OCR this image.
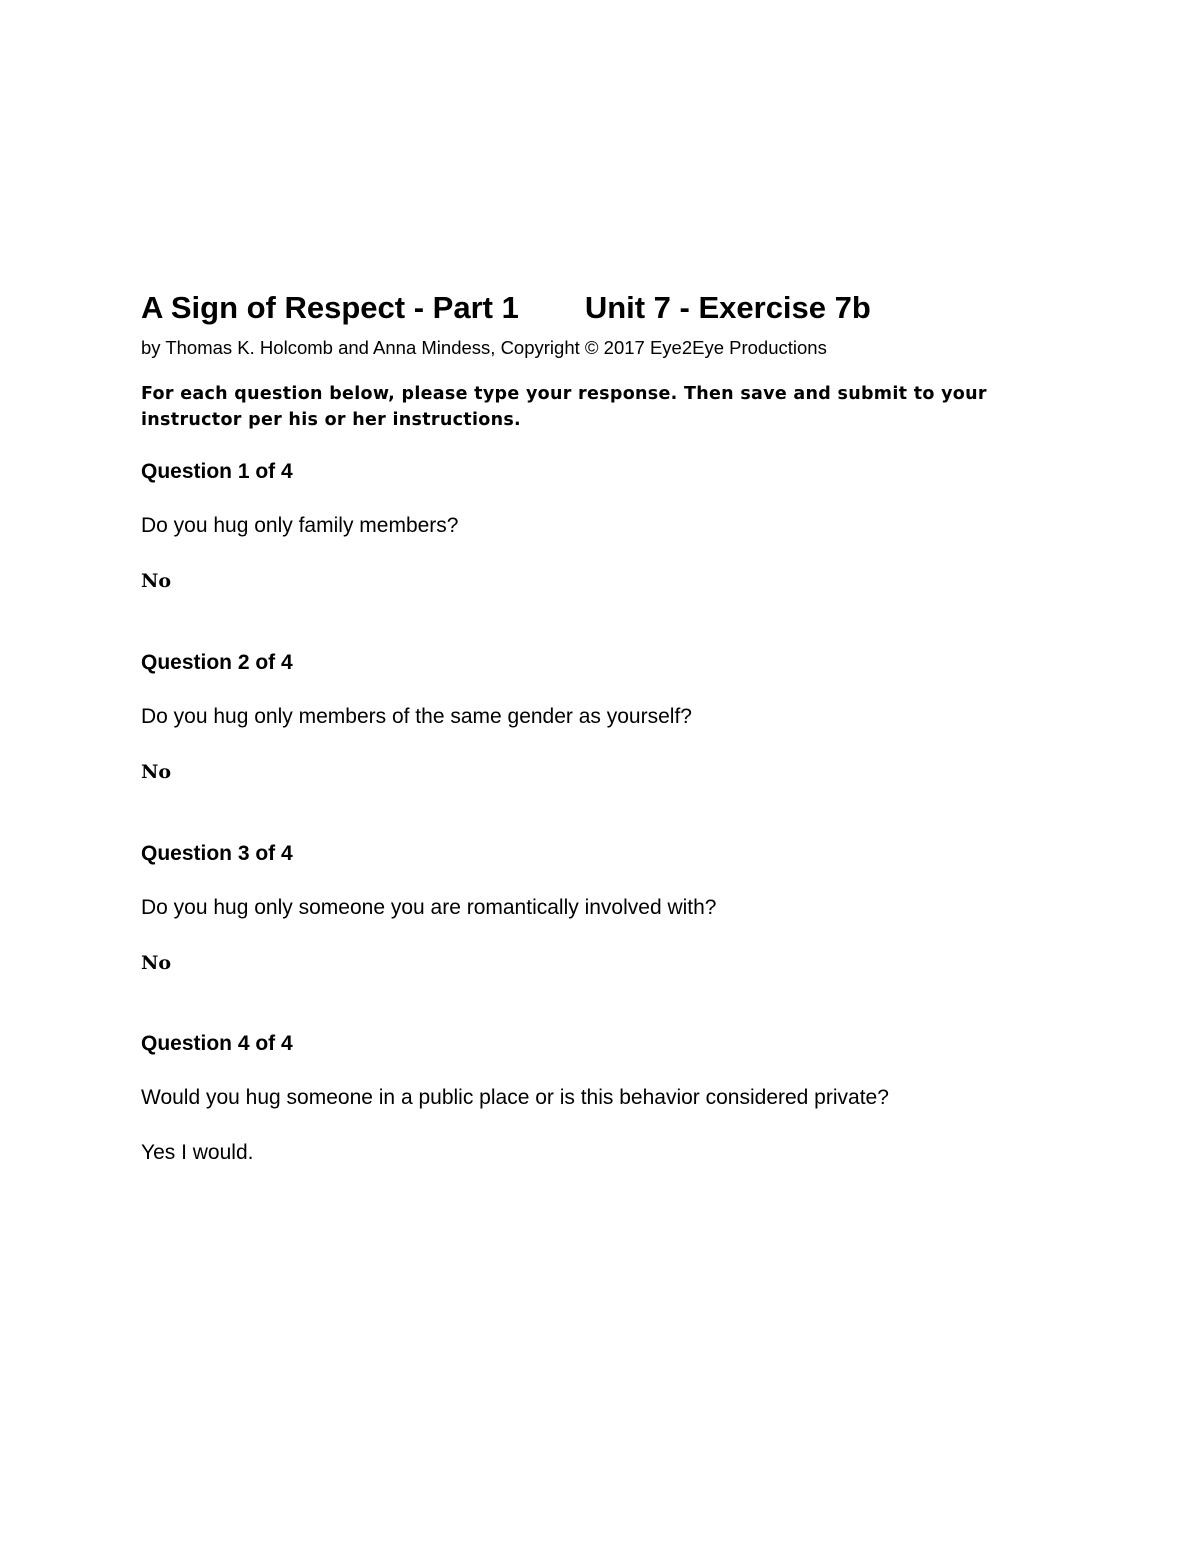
A Sign of Respect - Part 1 Unit 7 - Exercise 7b
by Thomas K. Holcomb and Anna Mindess, Copyright © 2017 Eye2Eye Productions
For each question below, please type your response. Then save and submit to your instructor per his or her instructions.
Question 1 of 4
Do you hug only family members?
No
Question 2 of 4
Do you hug only members of the same gender as yourself?
No
Question 3 of 4
Do you hug only someone you are romantically involved with?
No
Question 4 of 4
Would you hug someone in a public place or is this behavior considered private?
Yes I would.
